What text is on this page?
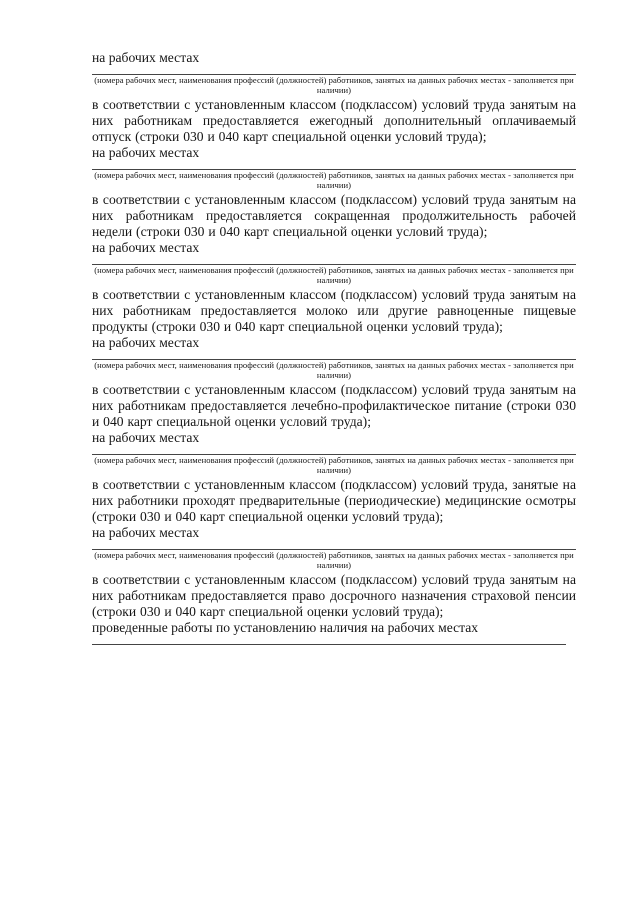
на рабочих местах

(номера рабочих мест, наименования профессий (должностей) работников, занятых на данных рабочих местах - заполняется при наличии)

в соответствии с установленным классом (подклассом) условий труда занятым на них работникам предоставляется ежегодный дополнительный оплачиваемый отпуск (строки 030 и 040 карт специальной оценки условий труда);

на рабочих местах

(номера рабочих мест, наименования профессий (должностей) работников, занятых на данных рабочих местах - заполняется при наличии)

в соответствии с установленным классом (подклассом) условий труда занятым на них работникам предоставляется сокращенная продолжительность рабочей недели (строки 030 и 040 карт специальной оценки условий труда);

на рабочих местах

(номера рабочих мест, наименования профессий (должностей) работников, занятых на данных рабочих местах - заполняется при наличии)

в соответствии с установленным классом (подклассом) условий труда занятым на них работникам предоставляется молоко или другие равноценные пищевые продукты (строки 030 и 040 карт специальной оценки условий труда);

на рабочих местах

(номера рабочих мест, наименования профессий (должностей) работников, занятых на данных рабочих местах - заполняется при наличии)

в соответствии с установленным классом (подклассом) условий труда занятым на них работникам предоставляется лечебно-профилактическое питание (строки 030 и 040 карт специальной оценки условий труда);

на рабочих местах

(номера рабочих мест, наименования профессий (должностей) работников, занятых на данных рабочих местах - заполняется при наличии)

в соответствии с установленным классом (подклассом) условий труда, занятые на них работники проходят предварительные (периодические) медицинские осмотры (строки 030 и 040 карт специальной оценки условий труда);

на рабочих местах

(номера рабочих мест, наименования профессий (должностей) работников, занятых на данных рабочих местах - заполняется при наличии)

в соответствии с установленным классом (подклассом) условий труда занятым на них работникам предоставляется право досрочного назначения страховой пенсии (строки 030 и 040 карт специальной оценки условий труда);

проведенные работы по установлению наличия на рабочих местах
